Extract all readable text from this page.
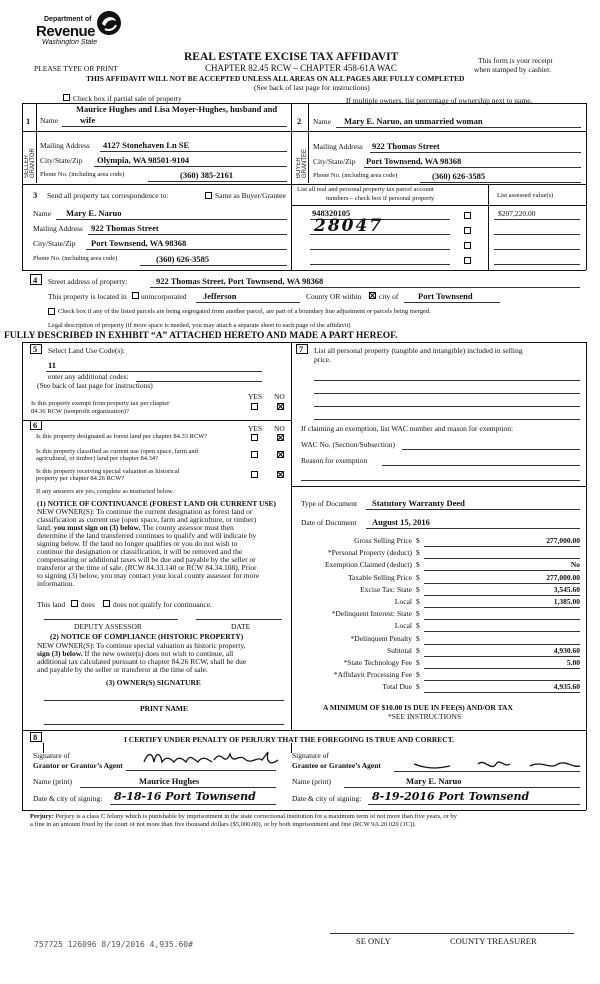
Department of
Revenue
Washington State
PLEASE TYPE OR PRINT
REAL ESTATE EXCISE TAX AFFIDAVIT
CHAPTER 82.45 RCW – CHAPTER 458-61A WAC
This form is your receipt
when stamped by cashier.
THIS AFFIDAVIT WILL NOT BE ACCEPTED UNLESS ALL AREAS ON ALL PAGES ARE FULLY COMPLETED
(See back of last page for instructions)
Check box if partial sale of property	If multiple owners, list percentage of ownership next to name.
1
SELLER GRANTOR
Maurice Hughes and Lisa Moyer-Hughes, husband and
Name	wife
Mailing Address 4127 Stonehaven Ln SE
City/State/Zip Olympia, WA 98501-9104
Phone No. (including area code)	(360) 385-2161
2
BUYER GRANTEE
Name Mary E. Naruo, an unmarried woman
Mailing Address 922 Thomas Street
City/State/Zip Port Townsend, WA 98368
Phone No. (including area code)	(360) 626-3585
3 Send all property tax correspondence to:	Same as Buyer/Grantee
Name Mary E. Naruo
Mailing Address 922 Thomas Street
City/State/Zip Port Townsend, WA 98368
Phone No. (including area code)	(360) 626-3585
List all real and personal property tax parcel account
numbers – check box if personal property	List assessed value(s)
948320105	$207,220.00
28047
4 Street address of property:	922 Thomas Street, Port Townsend, WA 98368
This property is located in unincorporated Jefferson	County OR within city of Port Townsend
Check box if any of the listed parcels are being segregated from another parcel, are part of a boundary line adjustment or parcels being merged.
Legal description of property (if more space is needed, you may attach a separate sheet to each page of the affidavit)
FULLY DESCRIBED IN EXHIBIT “A” ATTACHED HERETO AND MADE A PART HEREOF.
5 Select Land Use Code(s):
11
enter any additional codes:
(See back of last page for instructions)
YES NO
Is this property exempt from property tax per chapter
84.36 RCW (nonprofit organization)?
6	YES NO
Is this property designated as forest land per chapter 84.33 RCW?
Is this property classified as current use (open space, farm and
agricultural, or timber) land per chapter 84.34?
Is this property receiving special valuation as historical
property per chapter 84.26 RCW?
If any answers are yes, complete as instructed below.
(1) NOTICE OF CONTINUANCE (FOREST LAND OR CURRENT USE)
NEW OWNER(S): To continue the current designation as forest land or
classification as current use (open space, farm and agriculture, or timber)
land, you must sign on (3) below. The county assessor must then
determine if the land transferred continues to qualify and will indicate by
signing below. If the land no longer qualifies or you do not wish to
continue the designation or classification, it will be removed and the
compensating or additional taxes will be due and payable by the seller or
transferor at the time of sale. (RCW 84.33.140 or RCW 84.34.108). Prior
to signing (3) below, you may contact your local county assessor for more
information.
This land does does not qualify for continuance.
DEPUTY ASSESSOR	DATE
(2) NOTICE OF COMPLIANCE (HISTORIC PROPERTY)
NEW OWNER(S): To continue special valuation as historic property,
sign (3) below. If the new owner(s) does not wish to continue, all
additional tax calculated pursuant to chapter 84.26 RCW, shall be due
and payable by the seller or transferor at the time of sale.
(3) OWNER(S) SIGNATURE
PRINT NAME
7 List all personal property (tangible and intangible) included in selling
price.
If claiming an exemption, list WAC number and reason for exemption:
WAC No. (Section/Subsection)
Reason for exemption
Type of Document Statutory Warranty Deed
Date of Document August 15, 2016
Gross Selling Price $	277,000.00
*Personal Property (deduct) $
Exemption Claimed (deduct) $	No
Taxable Selling Price $	277,000.00
Excise Tax: State $	3,545.60
Local $	1,385.00
*Delinquent Interest: State $
Local $
*Delinquent Penalty $
Subtotal $	4,930.60
*State Technology Fee $	5.00
*Affidavit Processing Fee $
Total Due $	4,935.60
A MINIMUM OF $10.00 IS DUE IN FEE(S) AND/OR TAX
*SEE INSTRUCTIONS
8	I CERTIFY UNDER PENALTY OF PERJURY THAT THE FOREGOING IS TRUE AND CORRECT.
Signature of
Grantor or Grantor’s Agent
Signature of
Grantee or Grantee’s Agent
Name (print)	Maurice Hughes	Name (print)	Mary E. Naruo
Date & city of signing: 8-18-16 Port Townsend	Date & city of signing: 8-19-2016 Port Townsend
Perjury: Perjury is a class C felony which is punishable by imprisonment in the state correctional institution for a maximum term of not more than five years, or by
a fine in an amount fixed by the court of not more than five thousand dollars ($5,000.00), or by both imprisonment and fine (RCW 9A.20.020 (1C)).
757725 126096 8/19/2016 4,935.60#	SE ONLY	COUNTY TREASURER
